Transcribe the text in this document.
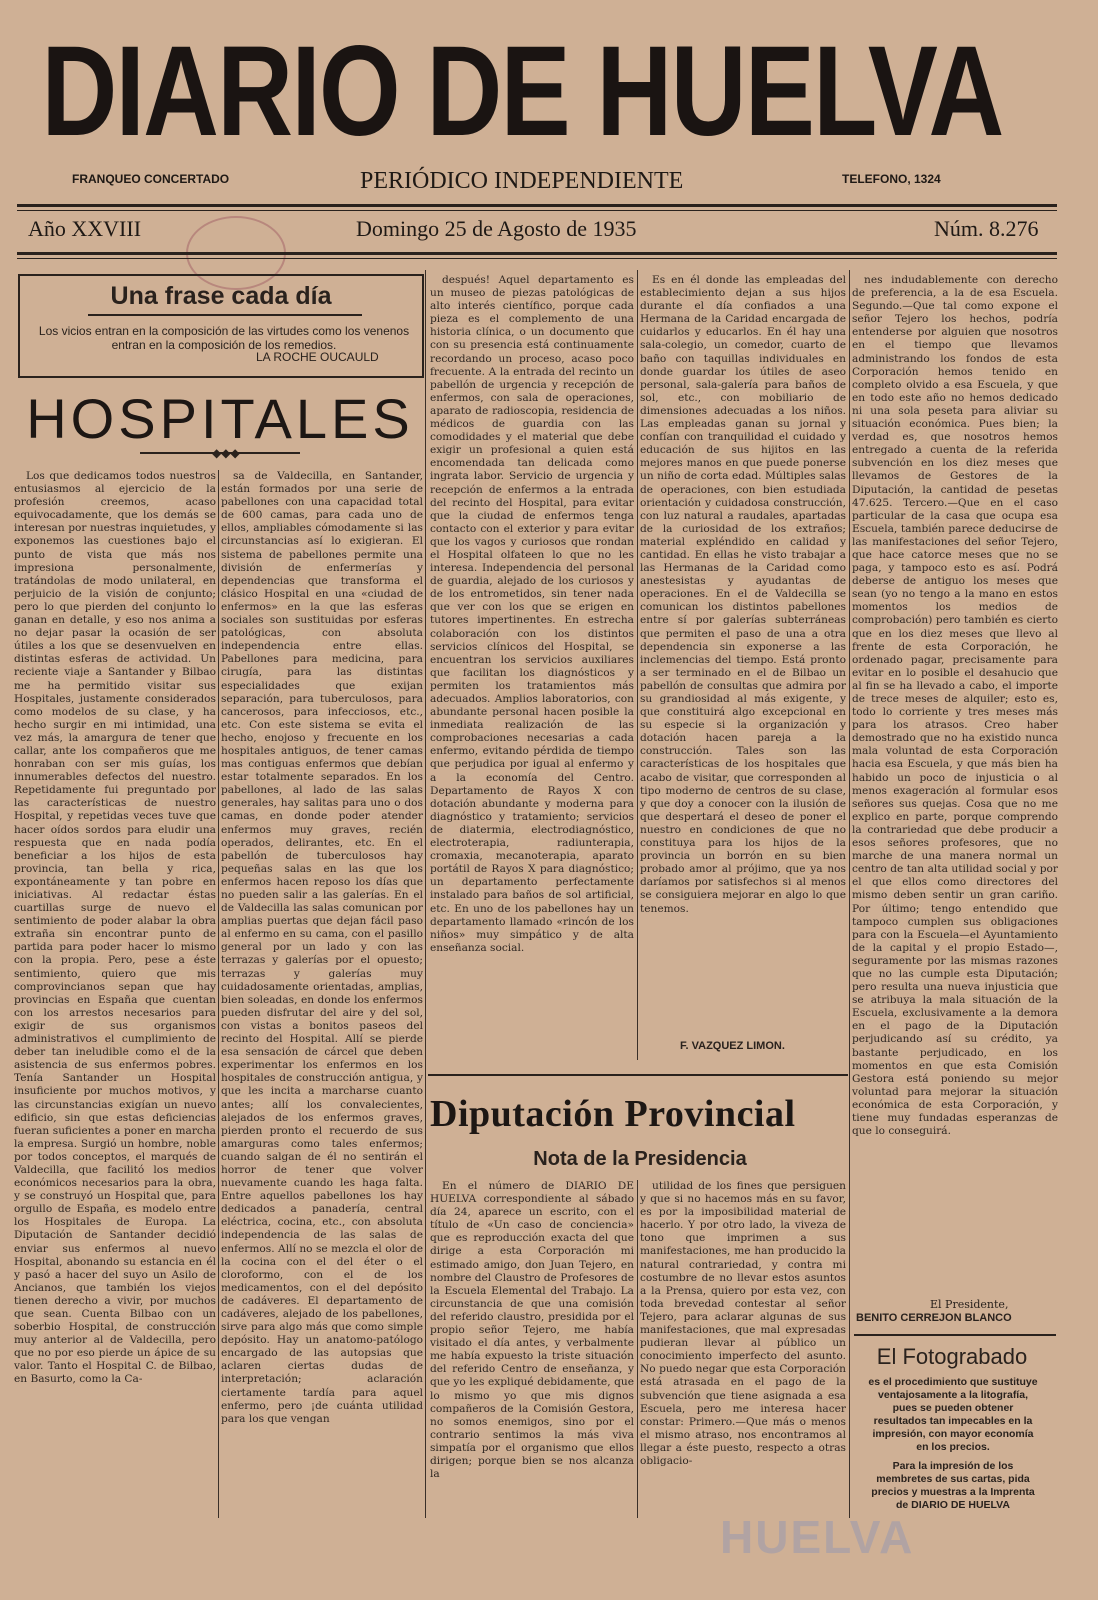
DIARIO DE HUELVA
FRANQUEO CONCERTADO	PERIÓDICO INDEPENDIENTE	TELEFONO, 1324
Año XXVIII	Domingo 25 de Agosto de 1935	Núm. 8.276
Una frase cada día
Los vicios entran en la composición de las virtudes como los venenos entran en la composición de los remedios.
LA ROCHE OUCAULD
HOSPITALES
◆◆◆

Los que dedicamos todos nuestros entusiasmos al ejercicio de la profesión creemos, acaso equivocadamente, que los demás se interesan por nuestras inquietudes, y exponemos las cuestiones bajo el punto de vista que más nos impresiona personalmente, tratándolas de modo unilateral, en perjuicio de la visión de conjunto; pero lo que pierden del conjunto lo ganan en detalle, y eso nos anima a no dejar pasar la ocasión de ser útiles a los que se desenvuelven en distintas esferas de actividad. Un reciente viaje a Santander y Bilbao me ha permitido visitar sus Hospitales, justamente considerados como modelos de su clase, y ha hecho surgir en mi intimidad, una vez más, la amargura de tener que callar, ante los compañeros que me honraban con ser mis guías, los innumerables defectos del nuestro. Repetidamente fui preguntado por las características de nuestro Hospital, y repetidas veces tuve que hacer oídos sordos para eludir una respuesta que en nada podía beneficiar a los hijos de esta provincia, tan bella y rica, expontáneamente y tan pobre en iniciativas. Al redactar éstas cuartillas surge de nuevo el sentimiento de poder alabar la obra extraña sin encontrar punto de partida para poder hacer lo mismo con la propia. Pero, pese a éste sentimiento, quiero que mis comprovincianos sepan que hay provincias en España que cuentan con los arrestos necesarios para exigir de sus organismos administrativos el cumplimiento de deber tan ineludible como el de la asistencia de sus enfermos pobres. Tenía Santander un Hospital insuficiente por muchos motivos, y las circunstancias exigían un nuevo edificio, sin que estas deficiencias fueran suficientes a poner en marcha la empresa. Surgió un hombre, noble por todos conceptos, el marqués de Valdecilla, que facilitó los medios económicos necesarios para la obra, y se construyó un Hospital que, para orgullo de España, es modelo entre los Hospitales de Europa. La Diputación de Santander decidió enviar sus enfermos al nuevo Hospital, abonando su estancia en él y pasó a hacer del suyo un Asilo de Ancianos, que también los viejos tienen derecho a vivir, por muchos que sean. Cuenta Bilbao con un soberbio Hospital, de construcción muy anterior al de Valdecilla, pero que no por eso pierde un ápice de su valor. Tanto el Hospital C. de Bilbao, en Basurto, como la Ca-

sa de Valdecilla, en Santander, están formados por una serie de pabellones con una capacidad total de 600 camas, para cada uno de ellos, ampliables cómodamente si las circunstancias así lo exigieran. El sistema de pabellones permite una división de enfermerías y dependencias que transforma el clásico Hospital en una «ciudad de enfermos» en la que las esferas sociales son sustituidas por esferas patológicas, con absoluta independencia entre ellas. Pabellones para medicina, para cirugía, para las distintas especialidades que exijan separación, para tuberculosos, para cancerosos, para infecciosos, etc., etc. Con este sistema se evita el hecho, enojoso y frecuente en los hospitales antiguos, de tener camas mas contiguas enfermos que debían estar totalmente separados. En los pabellones, al lado de las salas generales, hay salitas para uno o dos camas, en donde poder atender enfermos muy graves, recién operados, delirantes, etc. En el pabellón de tuberculosos hay pequeñas salas en las que los enfermos hacen reposo los días que no pueden salir a las galerías. En el de Valdecilla las salas comunican por amplias puertas que dejan fácil paso al enfermo en su cama, con el pasillo general por un lado y con las terrazas y galerías por el opuesto; terrazas y galerías muy cuidadosamente orientadas, amplias, bien soleadas, en donde los enfermos pueden disfrutar del aire y del sol, con vistas a bonitos paseos del recinto del Hospital. Allí se pierde esa sensación de cárcel que deben experimentar los enfermos en los hospitales de construcción antigua, y que les incita a marcharse cuanto antes; allí los convalecientes, alejados de los enfermos graves, pierden pronto el recuerdo de sus amarguras como tales enfermos; cuando salgan de él no sentirán el horror de tener que volver nuevamente cuando les haga falta. Entre aquellos pabellones los hay dedicados a panadería, central eléctrica, cocina, etc., con absoluta independencia de las salas de enfermos. Allí no se mezcla el olor de la cocina con el del éter o el cloroformo, con el de los medicamentos, con el del depósito de cadáveres. El departamento de cadáveres, alejado de los pabellones, sirve para algo más que como simple depósito. Hay un anatomo-patólogo encargado de las autopsias que aclaren ciertas dudas de interpretación; aclaración ciertamente tardía para aquel enfermo, pero ¡de cuánta utilidad para los que vengan

después! Aquel departamento es un museo de piezas patológicas de alto interés científico, porque cada pieza es el complemento de una historia clínica, o un documento que con su presencia está continuamente recordando un proceso, acaso poco frecuente. A la entrada del recinto un pabellón de urgencia y recepción de enfermos, con sala de operaciones, aparato de radioscopia, residencia de médicos de guardia con las comodidades y el material que debe exigir un profesional a quien está encomendada tan delicada como ingrata labor. Servicio de urgencia y recepción de enfermos a la entrada del recinto del Hospital, para evitar que la ciudad de enfermos tenga contacto con el exterior y para evitar que los vagos y curiosos que rondan el Hospital olfateen lo que no les interesa. Independencia del personal de guardia, alejado de los curiosos y de los entrometidos, sin tener nada que ver con los que se erigen en tutores impertinentes. En estrecha colaboración con los distintos servicios clínicos del Hospital, se encuentran los servicios auxiliares que facilitan los diagnósticos y permiten los tratamientos más adecuados. Amplios laboratorios, con abundante personal hacen posible la inmediata realización de las comprobaciones necesarias a cada enfermo, evitando pérdida de tiempo que perjudica por igual al enfermo y a la economía del Centro. Departamento de Rayos X con dotación abundante y moderna para diagnóstico y tratamiento; servicios de diatermia, electrodiagnóstico, electroterapia, radiunterapia, cromaxia, mecanoterapia, aparato portátil de Rayos X para diagnóstico; un departamento perfectamente instalado para baños de sol artificial, etc. En uno de los pabellones hay un departamento llamado «rincón de los niños» muy simpático y de alta enseñanza social.

Es en él donde las empleadas del establecimiento dejan a sus hijos durante el día confiados a una Hermana de la Caridad encargada de cuidarlos y educarlos. En él hay una sala-colegio, un comedor, cuarto de baño con taquillas individuales en donde guardar los útiles de aseo personal, sala-galería para baños de sol, etc., con mobiliario de dimensiones adecuadas a los niños. Las empleadas ganan su jornal y confían con tranquilidad el cuidado y educación de sus hijitos en las mejores manos en que puede ponerse un niño de corta edad. Múltiples salas de operaciones, con bien estudiada orientación y cuidadosa construcción, con luz natural a raudales, apartadas de la curiosidad de los extraños; material expléndido en calidad y cantidad. En ellas he visto trabajar a las Hermanas de la Caridad como anestesistas y ayudantas de operaciones. En el de Valdecilla se comunican los distintos pabellones entre sí por galerías subterráneas que permiten el paso de una a otra dependencia sin exponerse a las inclemencias del tiempo. Está pronto a ser terminado en el de Bilbao un pabellón de consultas que admira por su grandiosidad al más exigente, y que constituirá algo excepcional en su especie si la organización y dotación hacen pareja a la construcción. Tales son las características de los hospitales que acabo de visitar, que corresponden al tipo moderno de centros de su clase, y que doy a conocer con la ilusión de que despertará el deseo de poner el nuestro en condiciones de que no constituya para los hijos de la provincia un borrón en su bien probado amor al prójimo, que ya nos daríamos por satisfechos si al menos se consiguiera mejorar en algo lo que tenemos.

F. VAZQUEZ LIMON.
Diputación Provincial
Nota de la Presidencia

En el número de DIARIO DE HUELVA correspondiente al sábado día 24, aparece un escrito, con el título de «Un caso de conciencia» que es reproducción exacta del que dirige a esta Corporación mi estimado amigo, don Juan Tejero, en nombre del Claustro de Profesores de la Escuela Elemental del Trabajo. La circunstancia de que una comisión del referido claustro, presidida por el propio señor Tejero, me había visitado el día antes, y verbalmente me había expuesto la triste situación del referido Centro de enseñanza, y que yo les expliqué debidamente, que lo mismo yo que mis dignos compañeros de la Comisión Gestora, no somos enemigos, sino por el contrario sentimos la más viva simpatía por el organismo que ellos dirigen; porque bien se nos alcanza la

utilidad de los fines que persiguen y que si no hacemos más en su favor, es por la imposibilidad material de hacerlo. Y por otro lado, la viveza de tono que imprimen a sus manifestaciones, me han producido la natural contrariedad, y contra mi costumbre de no llevar estos asuntos a la Prensa, quiero por esta vez, con toda brevedad contestar al señor Tejero, para aclarar algunas de sus manifestaciones, que mal expresadas pudieran llevar al público un conocimiento imperfecto del asunto. No puedo negar que esta Corporación está atrasada en el pago de la subvención que tiene asignada a esa Escuela, pero me interesa hacer constar: Primero.—Que más o menos el mismo atraso, nos encontramos al llegar a éste puesto, respecto a otras obligacio-

nes indudablemente con derecho de preferencia, a la de esa Escuela. Segundo.—Que tal como expone el señor Tejero los hechos, podría entenderse por alguien que nosotros en el tiempo que llevamos administrando los fondos de esta Corporación hemos tenido en completo olvido a esa Escuela, y que en todo este año no hemos dedicado ni una sola peseta para aliviar su situación económica. Pues bien; la verdad es, que nosotros hemos entregado a cuenta de la referida subvención en los diez meses que llevamos de Gestores de la Diputación, la cantidad de pesetas 47.625. Tercero.—Que en el caso particular de la casa que ocupa esa Escuela, también parece deducirse de las manifestaciones del señor Tejero, que hace catorce meses que no se paga, y tampoco esto es así. Podrá deberse de antiguo los meses que sean (yo no tengo a la mano en estos momentos los medios de comprobación) pero también es cierto que en los diez meses que llevo al frente de esta Corporación, he ordenado pagar, precisamente para evitar en lo posible el desahucio que al fin se ha llevado a cabo, el importe de trece meses de alquiler; esto es, todo lo corriente y tres meses más para los atrasos. Creo haber demostrado que no ha existido nunca mala voluntad de esta Corporación hacia esa Escuela, y que más bien ha habido un poco de injusticia o al menos exageración al formular esos señores sus quejas. Cosa que no me explico en parte, porque comprendo la contrariedad que debe producir a esos señores profesores, que no marche de una manera normal un centro de tan alta utilidad social y por el que ellos como directores del mismo deben sentir un gran cariño. Por último; tengo entendido que tampoco cumplen sus obligaciones para con la Escuela—el Ayuntamiento de la capital y el propio Estado—, seguramente por las mismas razones que no las cumple esta Diputación; pero resulta una nueva injusticia que se atribuya la mala situación de la Escuela, exclusivamente a la demora en el pago de la Diputación perjudicando así su crédito, ya bastante perjudicado, en los momentos en que esta Comisión Gestora está poniendo su mejor voluntad para mejorar la situación económica de esta Corporación, y tiene muy fundadas esperanzas de que lo conseguirá.

El Presidente,
BENITO CERREJON BLANCO
El Fotograbado

es el procedimiento que sustituye ventajosamente a la litografía, pues se pueden obtener resultados tan impecables en la impresión, con mayor economía en los precios.

Para la impresión de los membretes de sus cartas, pida precios y muestras a la Imprenta de DIARIO DE HUELVA

HUELVA
